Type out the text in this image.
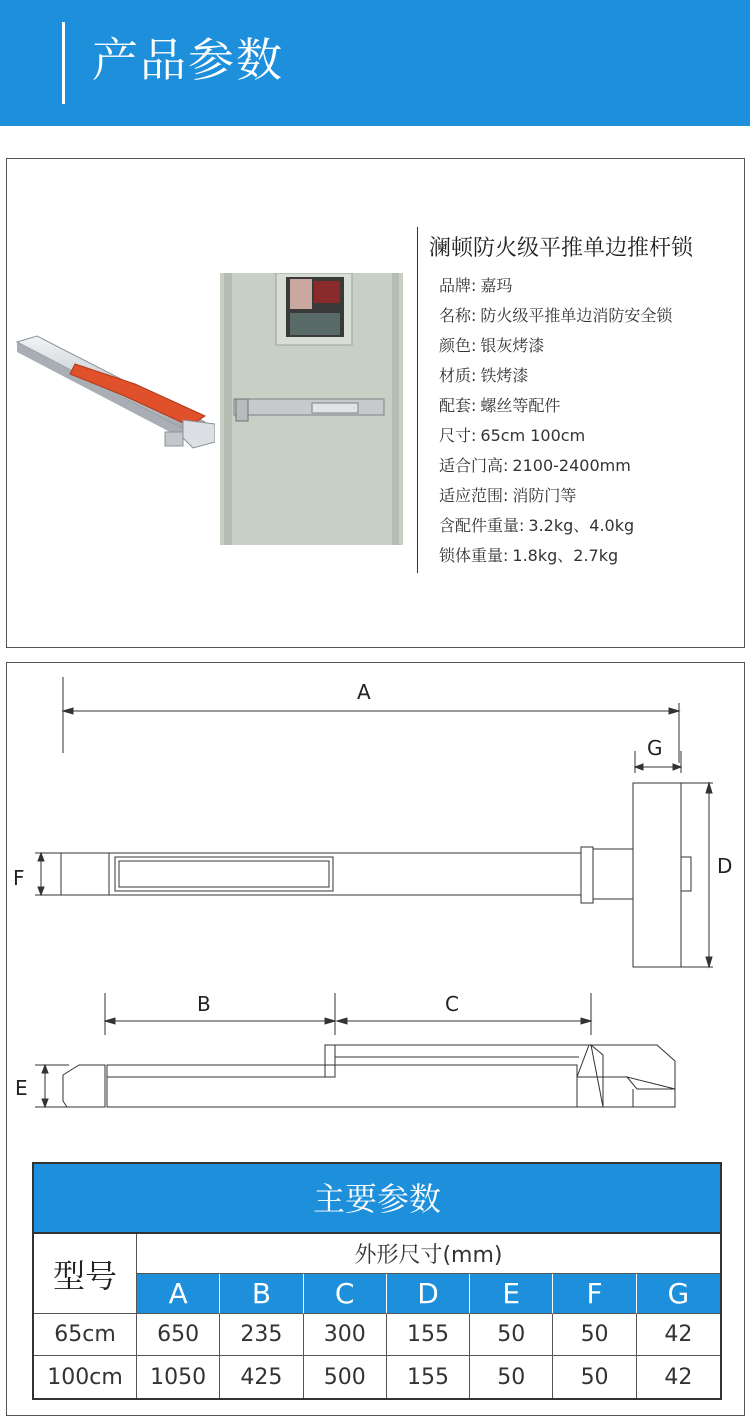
产品参数
澜顿防火级平推单边推杆锁
品牌: 嘉玛
名称: 防火级平推单边消防安全锁
颜色: 银灰烤漆
材质: 铁烤漆
配套: 螺丝等配件
尺寸: 65cm 100cm
适合门高: 2100-2400mm
适应范围: 消防门等
含配件重量: 3.2kg、4.0kg
锁体重量: 1.8kg、2.7kg
A
G
D
F
B	C
E
主要参数
型号
外形尺寸(mm)
A	B	C	D	E	F	G
65cm	650	235	300	155	50	50	42
100cm	1050	425	500	155	50	50	42
